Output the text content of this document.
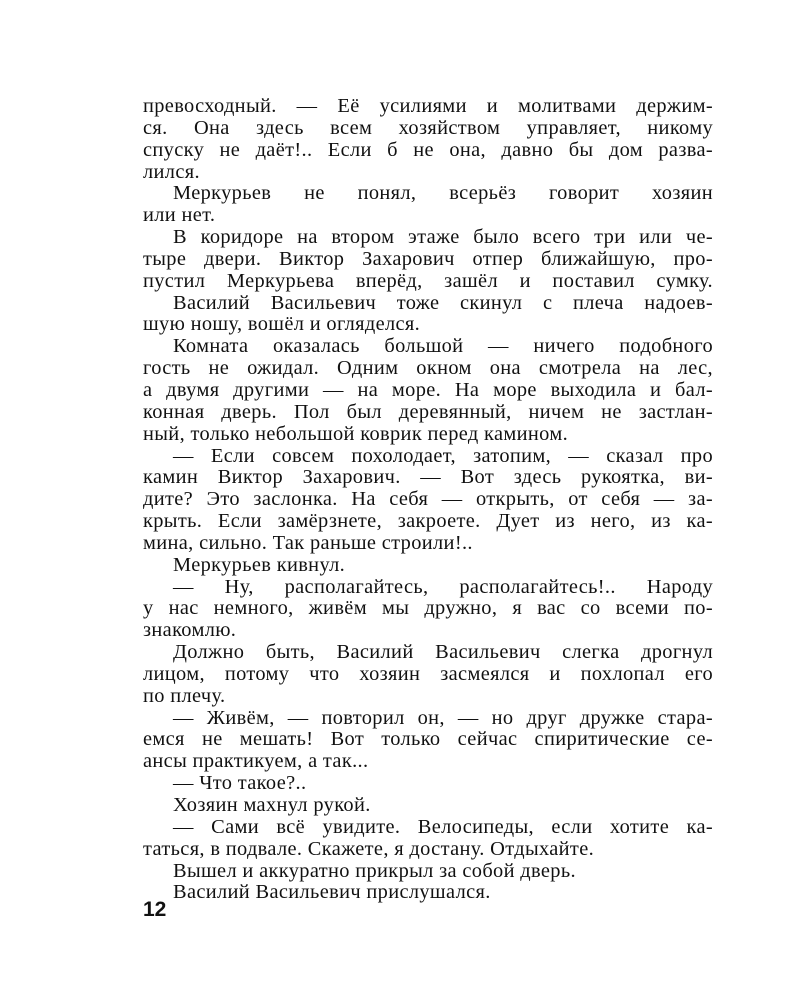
превосходный. — Её усилиями и молитвами держим-
ся. Она здесь всем хозяйством управляет, никому
спуску не даёт!.. Если б не она, давно бы дом разва-
лился.
Меркурьев не понял, всерьёз говорит хозяин
или нет.
В коридоре на втором этаже было всего три или че-
тыре двери. Виктор Захарович отпер ближайшую, про-
пустил Меркурьева вперёд, зашёл и поставил сумку.
Василий Васильевич тоже скинул с плеча надоев-
шую ношу, вошёл и огляделся.
Комната оказалась большой — ничего подобного
гость не ожидал. Одним окном она смотрела на лес,
а двумя другими — на море. На море выходила и бал-
конная дверь. Пол был деревянный, ничем не застлан-
ный, только небольшой коврик перед камином.
— Если совсем похолодает, затопим, — сказал про
камин Виктор Захарович. — Вот здесь рукоятка, ви-
дите? Это заслонка. На себя — открыть, от себя — за-
крыть. Если замёрзнете, закроете. Дует из него, из ка-
мина, сильно. Так раньше строили!..
Меркурьев кивнул.
— Ну, располагайтесь, располагайтесь!.. Народу
у нас немного, живём мы дружно, я вас со всеми по-
знакомлю.
Должно быть, Василий Васильевич слегка дрогнул
лицом, потому что хозяин засмеялся и похлопал его
по плечу.
— Живём, — повторил он, — но друг дружке стара-
емся не мешать! Вот только сейчас спиритические се-
ансы практикуем, а так...
— Что такое?..
Хозяин махнул рукой.
— Сами всё увидите. Велосипеды, если хотите ка-
таться, в подвале. Скажете, я достану. Отдыхайте.
Вышел и аккуратно прикрыл за собой дверь.
Василий Васильевич прислушался.
12
